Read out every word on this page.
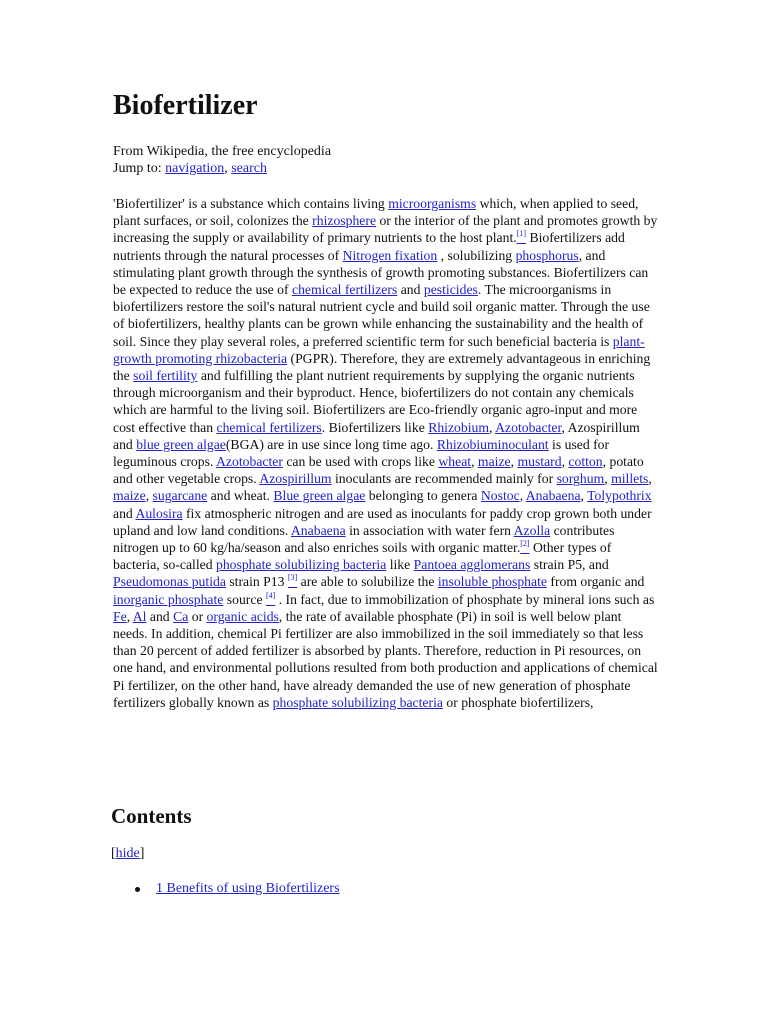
Biofertilizer
From Wikipedia, the free encyclopedia
Jump to: navigation, search
'Biofertilizer' is a substance which contains living microorganisms which, when applied to seed, plant surfaces, or soil, colonizes the rhizosphere or the interior of the plant and promotes growth by increasing the supply or availability of primary nutrients to the host plant.[1] Biofertilizers add nutrients through the natural processes of Nitrogen fixation , solubilizing phosphorus, and stimulating plant growth through the synthesis of growth promoting substances. Biofertilizers can be expected to reduce the use of chemical fertilizers and pesticides. The microorganisms in biofertilizers restore the soil's natural nutrient cycle and build soil organic matter. Through the use of biofertilizers, healthy plants can be grown while enhancing the sustainability and the health of soil. Since they play several roles, a preferred scientific term for such beneficial bacteria is plant-growth promoting rhizobacteria (PGPR). Therefore, they are extremely advantageous in enriching the soil fertility and fulfilling the plant nutrient requirements by supplying the organic nutrients through microorganism and their byproduct. Hence, biofertilizers do not contain any chemicals which are harmful to the living soil. Biofertilizers are Eco-friendly organic agro-input and more cost effective than chemical fertilizers. Biofertilizers like Rhizobium, Azotobacter, Azospirillum and blue green algae(BGA) are in use since long time ago. Rhizobiuminoculant is used for leguminous crops. Azotobacter can be used with crops like wheat, maize, mustard, cotton, potato and other vegetable crops. Azospirillum inoculants are recommended mainly for sorghum, millets, maize, sugarcane and wheat. Blue green algae belonging to genera Nostoc, Anabaena, Tolypothrix and Aulosira fix atmospheric nitrogen and are used as inoculants for paddy crop grown both under upland and low land conditions. Anabaena in association with water fern Azolla contributes nitrogen up to 60 kg/ha/season and also enriches soils with organic matter.[2] Other types of bacteria, so-called phosphate solubilizing bacteria like Pantoea agglomerans strain P5, and Pseudomonas putida strain P13 [3] are able to solubilize the insoluble phosphate from organic and inorganic phosphate source [4] . In fact, due to immobilization of phosphate by mineral ions such as Fe, Al and Ca or organic acids, the rate of available phosphate (Pi) in soil is well below plant needs. In addition, chemical Pi fertilizer are also immobilized in the soil immediately so that less than 20 percent of added fertilizer is absorbed by plants. Therefore, reduction in Pi resources, on one hand, and environmental pollutions resulted from both production and applications of chemical Pi fertilizer, on the other hand, have already demanded the use of new generation of phosphate fertilizers globally known as phosphate solubilizing bacteria or phosphate biofertilizers,
Contents
[hide]
1 Benefits of using Biofertilizers
